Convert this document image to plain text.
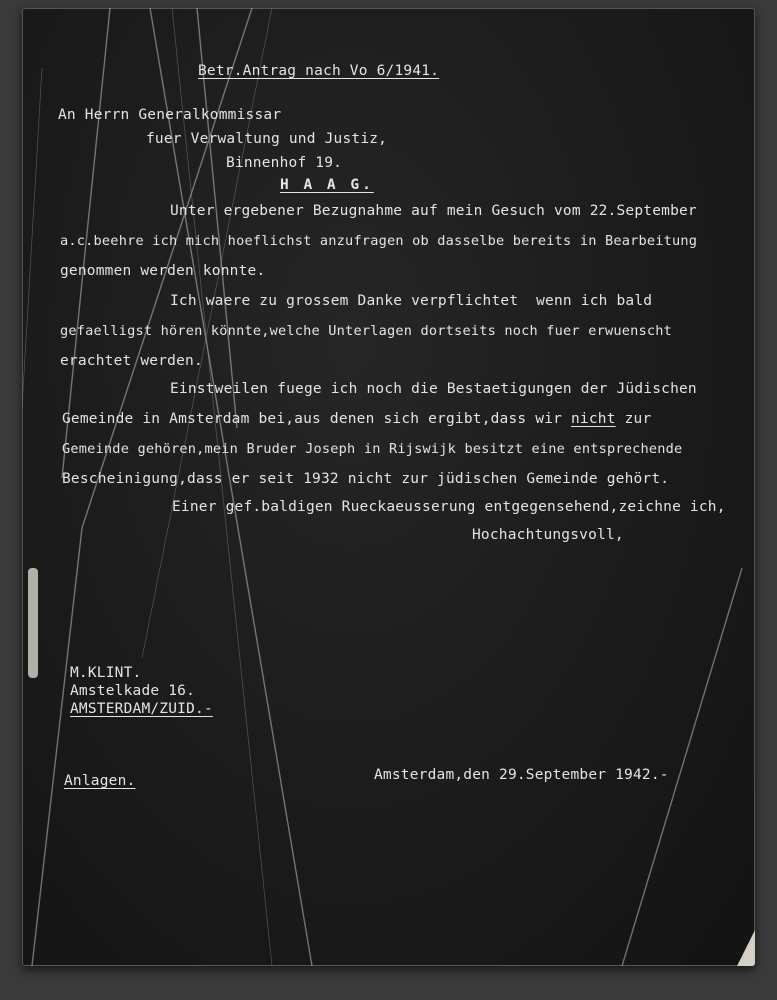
Betr.Antrag nach Vo 6/1941.
An Herrn Generalkommissar
fuer Verwaltung und Justiz,
Binnenhof 19.
H A A G.
Unter ergebener Bezugnahme auf mein Gesuch vom 22.September
a.c.beehre ich mich hoeflichst anzufragen ob dasselbe bereits in Bearbeitung
genommen werden konnte.
Ich waere zu grossem Danke verpflichtet  wenn ich bald
gefaelligst hören könnte,welche Unterlagen dortseits noch fuer erwuenscht
erachtet werden.
Einstweilen fuege ich noch die Bestaetigungen der Jüdischen
Gemeinde in Amsterdam bei,aus denen sich ergibt,dass wir nicht zur
Gemeinde gehören,mein Bruder Joseph in Rijswijk besitzt eine entsprechende
Bescheinigung,dass er seit 1932 nicht zur jüdischen Gemeinde gehört.
Einer gef.baldigen Rueckaeusserung entgegensehend,zeichne ich,
Hochachtungsvoll,
M.KLINT.
Amstelkade 16.
AMSTERDAM/ZUID.-
Anlagen.	Amsterdam,den 29.September 1942.-
